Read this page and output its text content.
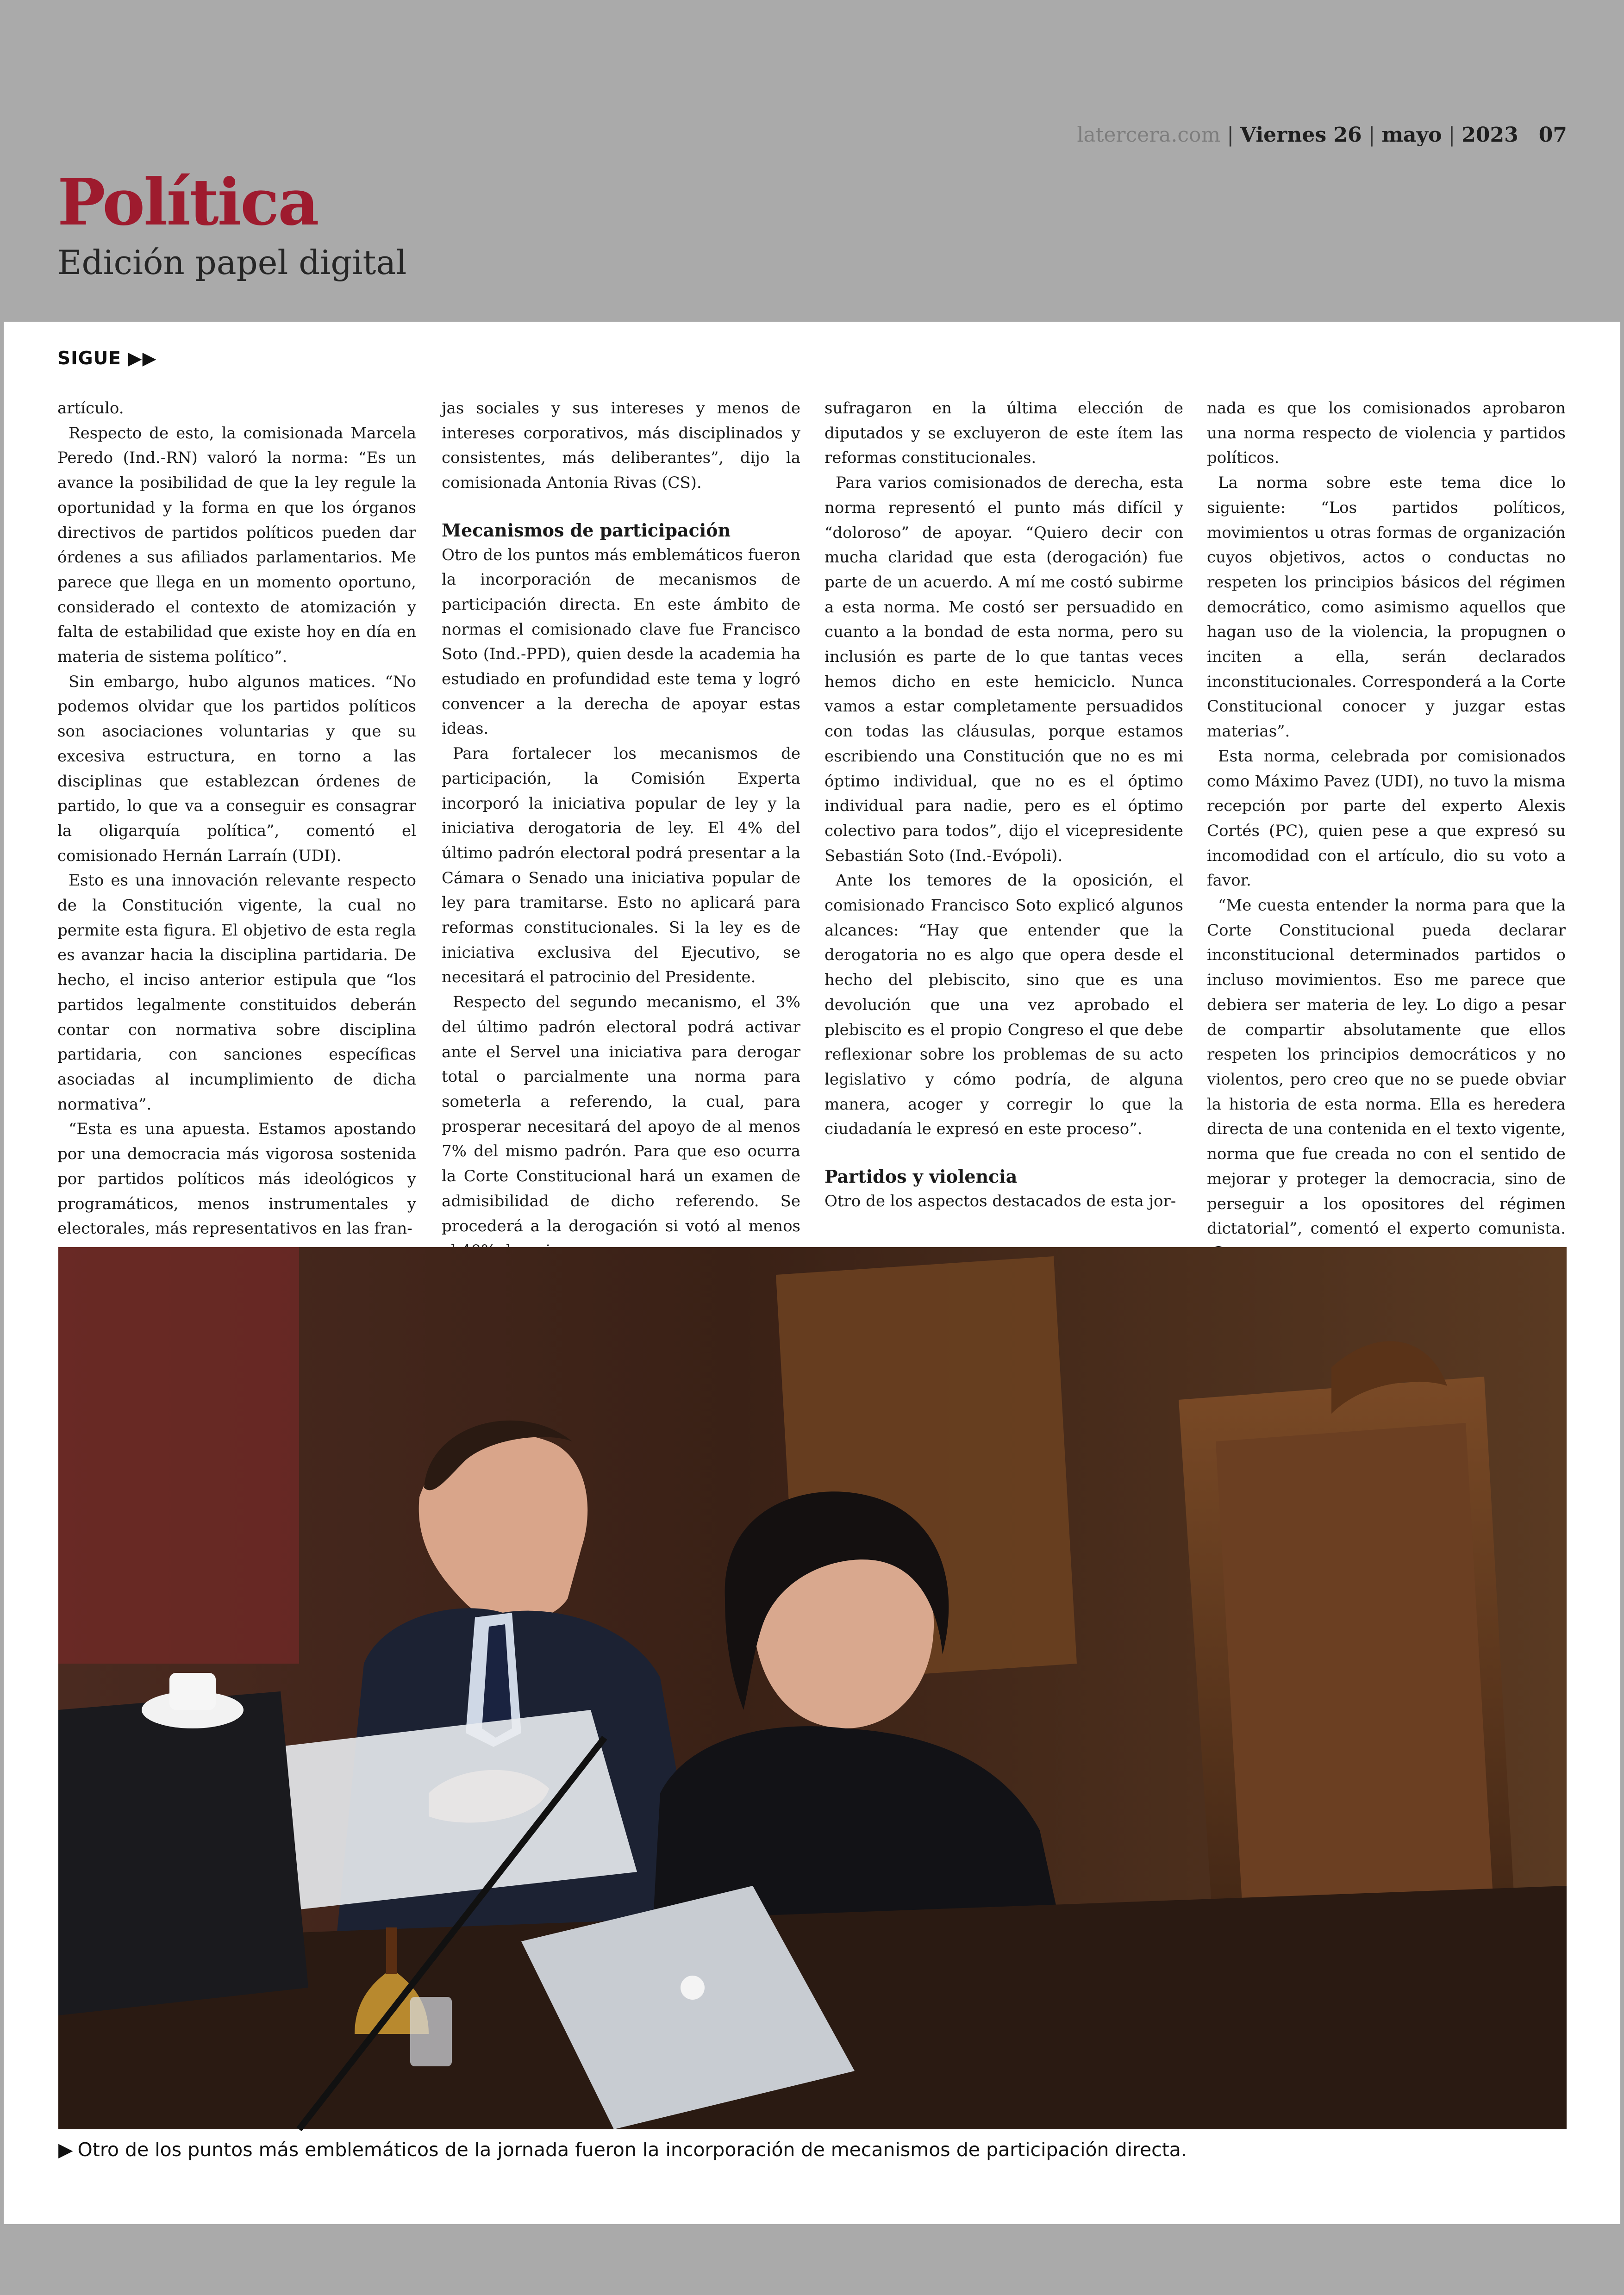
latercera.com | Viernes 26 | mayo | 2023 07
Política
Edición papel digital
SIGUE ▶▶

artículo.

Respecto de esto, la comisionada Marcela Peredo (Ind.-RN) valoró la norma: “Es un avance la posibilidad de que la ley regule la oportunidad y la forma en que los órganos directivos de partidos políticos pueden dar órdenes a sus afiliados parlamentarios. Me parece que llega en un momento oportuno, considerado el contexto de atomización y falta de estabilidad que existe hoy en día en materia de sistema político”.

Sin embargo, hubo algunos matices. “No podemos olvidar que los partidos políticos son asociaciones voluntarias y que su excesiva estructura, en torno a las disciplinas que establezcan órdenes de partido, lo que va a conseguir es consagrar la oligarquía política”, comentó el comisionado Hernán Larraín (UDI).

Esto es una innovación relevante respecto de la Constitución vigente, la cual no permite esta figura. El objetivo de esta regla es avanzar hacia la disciplina partidaria. De hecho, el inciso anterior estipula que “los partidos legalmente constituidos deberán contar con normativa sobre disciplina partidaria, con sanciones específicas asociadas al incumplimiento de dicha normativa”.

“Esta es una apuesta. Estamos apostando por una democracia más vigorosa sostenida por partidos políticos más ideológicos y programáticos, menos instrumentales y electorales, más representativos en las fran-

jas sociales y sus intereses y menos de intereses corporativos, más disciplinados y consistentes, más deliberantes”, dijo la comisionada Antonia Rivas (CS).

Mecanismos de participación

Otro de los puntos más emblemáticos fueron la incorporación de mecanismos de participación directa. En este ámbito de normas el comisionado clave fue Francisco Soto (Ind.-PPD), quien desde la academia ha estudiado en profundidad este tema y logró convencer a la derecha de apoyar estas ideas.

Para fortalecer los mecanismos de participación, la Comisión Experta incorporó la iniciativa popular de ley y la iniciativa derogatoria de ley. El 4% del último padrón electoral podrá presentar a la Cámara o Senado una iniciativa popular de ley para tramitarse. Esto no aplicará para reformas constitucionales. Si la ley es de iniciativa exclusiva del Ejecutivo, se necesitará el patrocinio del Presidente.

Respecto del segundo mecanismo, el 3% del último padrón electoral podrá activar ante el Servel una iniciativa para derogar total o parcialmente una norma para someterla a referendo, la cual, para prosperar necesitará del apoyo de al menos 7% del mismo padrón. Para que eso ocurra la Corte Constitucional hará un examen de admisibilidad de dicho referendo. Se procederá a la derogación si votó al menos

sufragaron en la última elección de diputados y se excluyeron de este ítem las reformas constitucionales.

Para varios comisionados de derecha, esta norma representó el punto más difícil y “doloroso” de apoyar. “Quiero decir con mucha claridad que esta (derogación) fue parte de un acuerdo. A mí me costó subirme a esta norma. Me costó ser persuadido en cuanto a la bondad de esta norma, pero su inclusión es parte de lo que tantas veces hemos dicho en este hemiciclo. Nunca vamos a estar completamente persuadidos con todas las cláusulas, porque estamos escribiendo una Constitución que no es mi óptimo individual, que no es el óptimo individual para nadie, pero es el óptimo colectivo para todos”, dijo el vicepresidente Sebastián Soto (Ind.-Evópoli).

Ante los temores de la oposición, el comisionado Francisco Soto explicó algunos alcances: “Hay que entender que la derogatoria no es algo que opera desde el hecho del plebiscito, sino que es una devolución que una vez aprobado el plebiscito es el propio Congreso el que debe reflexionar sobre los problemas de su acto legislativo y cómo podría, de alguna manera, acoger y corregir lo que la ciudadanía le expresó en este proceso”.

Partidos y violencia

Otro de los aspectos destacados de esta jor-

nada es que los comisionados aprobaron una norma respecto de violencia y partidos políticos.

La norma sobre este tema dice lo siguiente: “Los partidos políticos, movimientos u otras formas de organización cuyos objetivos, actos o conductas no respeten los principios básicos del régimen democrático, como asimismo aquellos que hagan uso de la violencia, la propugnen o inciten a ella, serán declarados inconstitucionales. Corresponderá a la Corte Constitucional conocer y juzgar estas materias”.

Esta norma, celebrada por comisionados como Máximo Pavez (UDI), no tuvo la misma recepción por parte del experto Alexis Cortés (PC), quien pese a que expresó su incomodidad con el artículo, dio su voto a favor.

“Me cuesta entender la norma para que la Corte Constitucional pueda declarar inconstitucional determinados partidos o incluso movimientos. Eso me parece que debiera ser materia de ley. Lo digo a pesar de compartir absolutamente que ellos respeten los principios democráticos y no violentos, pero creo que no se puede obviar la historia de esta norma. Ella es heredera directa de una contenida en el texto vigente, norma que fue creada no con el sentido de mejorar y proteger la democracia, sino de perseguir a los opositores del régimen dictatorial”, comentó el experto comunista.

▶ Otro de los puntos más emblemáticos de la jornada fueron la incorporación de mecanismos de participación directa.
